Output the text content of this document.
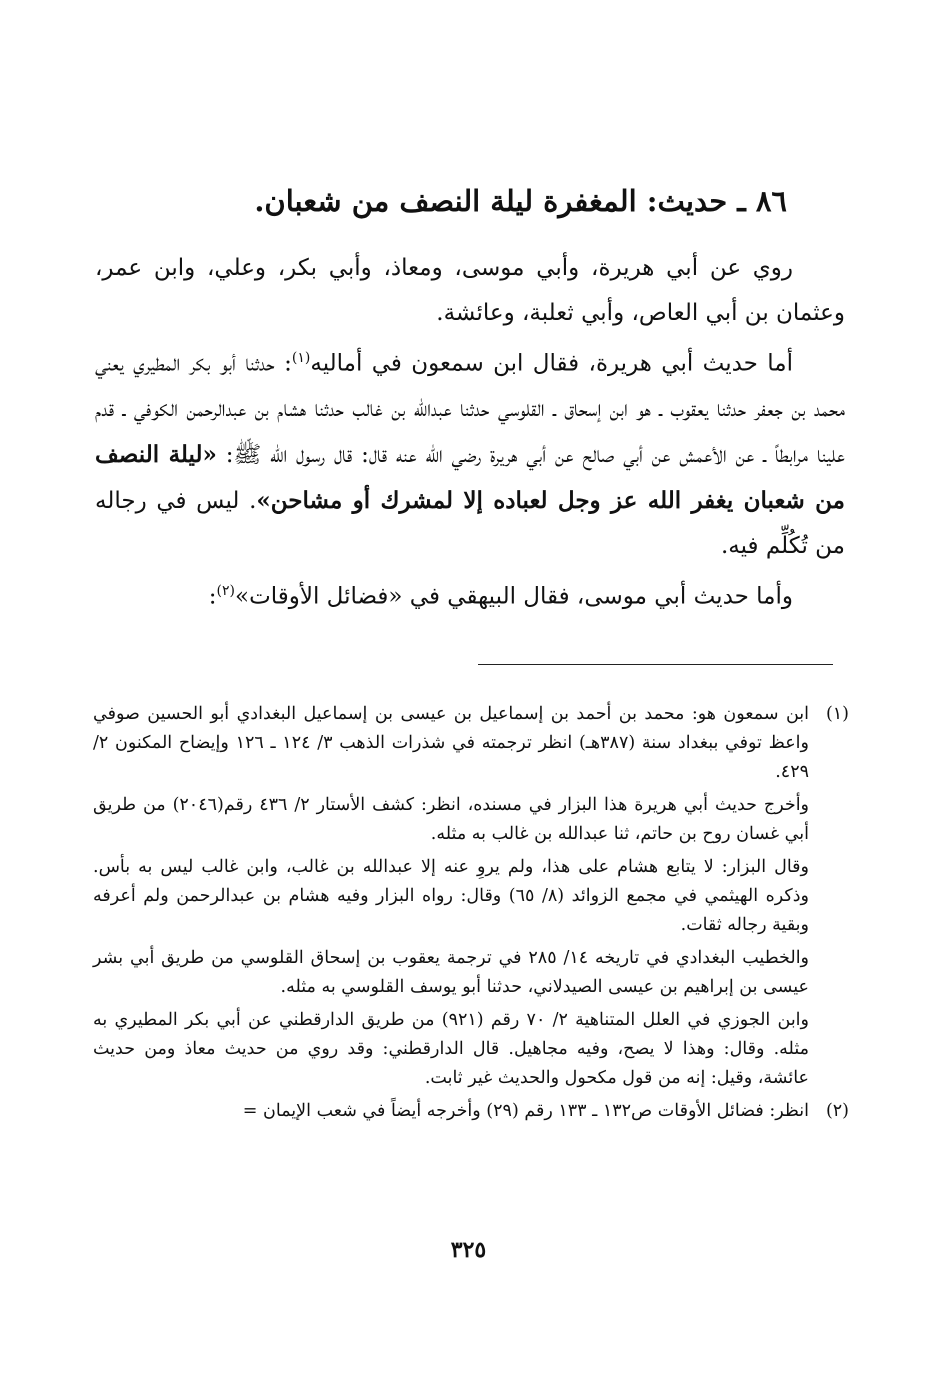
٨٦ ـ حديث: المغفرة ليلة النصف من شعبان.

روي عن أبي هريرة، وأبي موسى، ومعاذ، وأبي بكر، وعلي، وابن عمر، وعثمان بن أبي العاص، وأبي ثعلبة، وعائشة.

أما حديث أبي هريرة، فقال ابن سمعون في أماليه$^{(١)}$: حدثنا أبو بكر المطيري يعني محمد بن جعفر حدثنا يعقوب ـ هو ابن إسحاق ـ القلوسي حدثنا عبدالله بن غالب حدثنا هشام بن عبدالرحمن الكوفي ـ قدم علينا مرابطاً ـ عن الأعمش عن أبي صالح عن أبي هريرة رضي الله عنه قال: قال رسول الله ﷺ: «ليلة النصف من شعبان يغفر الله عز وجل لعباده إلا لمشرك أو مشاحن». ليس في رجاله من تُكُلِّم فيه.

وأما حديث أبي موسى، فقال البيهقي في «فضائل الأوقات»$^{(٢)}$:

(١)

ابن سمعون هو: محمد بن أحمد بن إسماعيل بن عيسى بن إسماعيل البغدادي أبو الحسين صوفي واعظ توفي ببغداد سنة (٣٨٧هـ) انظر ترجمته في شذرات الذهب ٣/ ١٢٤ ـ ١٢٦ وإيضاح المكنون ٢/ ٤٢٩.

وأخرج حديث أبي هريرة هذا البزار في مسنده، انظر: كشف الأستار ٢/ ٤٣٦ رقم(٢٠٤٦) من طريق أبي غسان روح بن حاتم، ثنا عبدالله بن غالب به مثله.

وقال البزار: لا يتابع هشام على هذا، ولم يروِ عنه إلا عبدالله بن غالب، وابن غالب ليس به بأس. وذكره الهيثمي في مجمع الزوائد (٨/ ٦٥) وقال: رواه البزار وفيه هشام بن عبدالرحمن ولم أعرفه وبقية رجاله ثقات.

والخطيب البغدادي في تاريخه ١٤/ ٢٨٥ في ترجمة يعقوب بن إسحاق القلوسي من طريق أبي بشر عيسى بن إبراهيم بن عيسى الصيدلاني، حدثنا أبو يوسف القلوسي به مثله.

وابن الجوزي في العلل المتناهية ٢/ ٧٠ رقم (٩٢١) من طريق الدارقطني عن أبي بكر المطيري به مثله. وقال: وهذا لا يصح، وفيه مجاهيل. قال الدارقطني: وقد روي من حديث معاذ ومن حديث عائشة، وقيل: إنه من قول مكحول والحديث غير ثابت.

(٢)

انظر: فضائل الأوقات ص١٣٢ ـ ١٣٣ رقم (٢٩) وأخرجه أيضاً في شعب الإيمان =

٣٢٥
